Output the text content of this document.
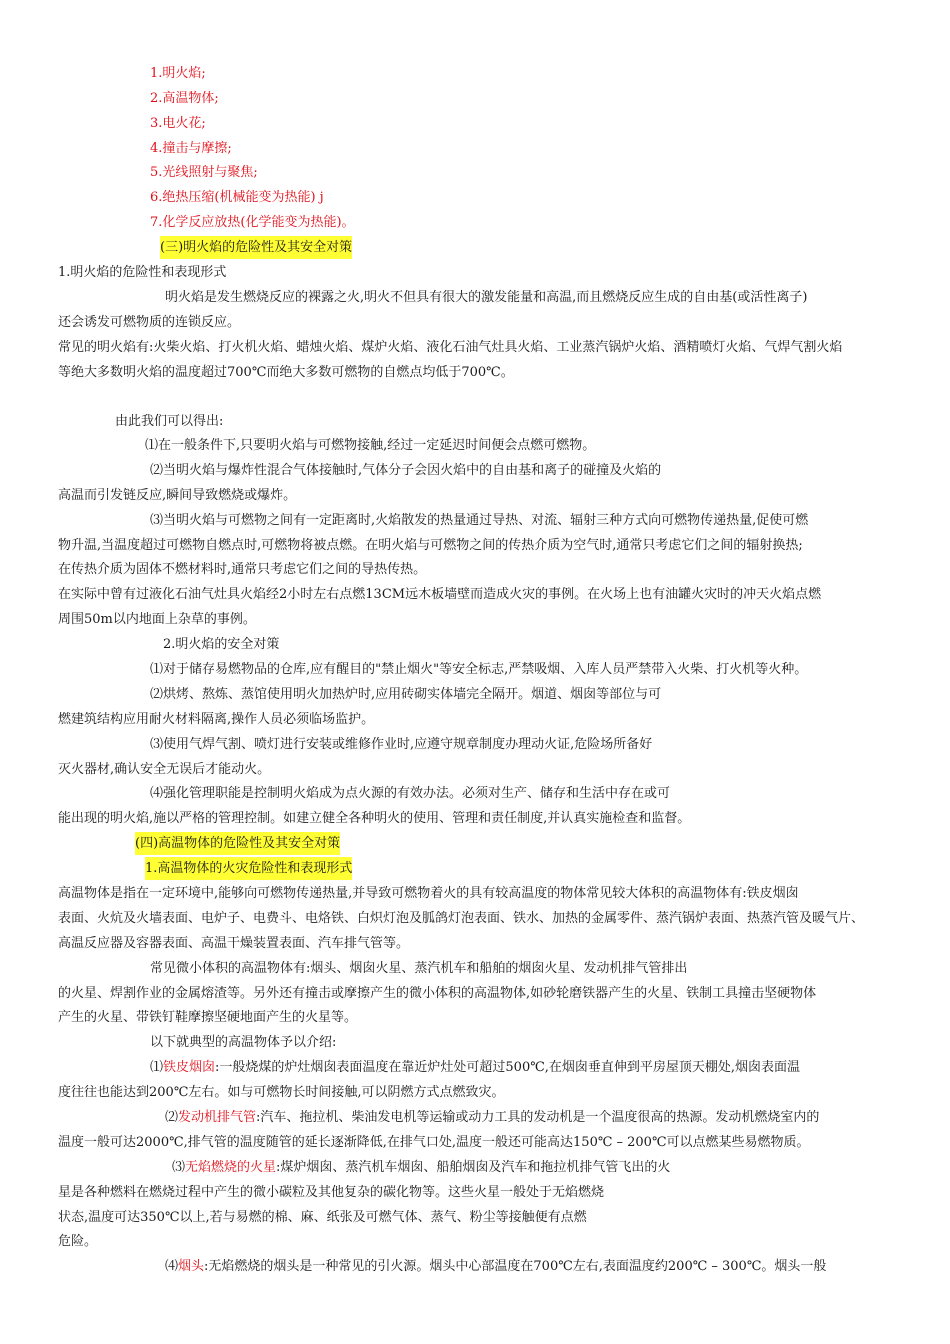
1.明火焰;
2.高温物体;
3.电火花;
4.撞击与摩擦;
5.光线照射与聚焦;
6.绝热压缩(机械能变为热能) j
7.化学反应放热(化学能变为热能)。
(三)明火焰的危险性及其安全对策
1.明火焰的危险性和表现形式
明火焰是发生燃烧反应的裸露之火,明火不但具有很大的激发能量和高温,而且燃烧反应生成的自由基(或活性离子)
还会诱发可燃物质的连锁反应。
常见的明火焰有:火柴火焰、打火机火焰、蜡烛火焰、煤炉火焰、液化石油气灶具火焰、工业蒸汽锅炉火焰、酒精喷灯火焰、气焊气割火焰
等绝大多数明火焰的温度超过700℃而绝大多数可燃物的自燃点均低于700℃。
由此我们可以得出:
⑴在一般条件下,只要明火焰与可燃物接触,经过一定延迟时间便会点燃可燃物。
⑵当明火焰与爆炸性混合气体接触时,气体分子会因火焰中的自由基和离子的碰撞及火焰的
高温而引发链反应,瞬间导致燃烧或爆炸。
⑶当明火焰与可燃物之间有一定距离时,火焰散发的热量通过导热、对流、辐射三种方式向可燃物传递热量,促使可燃
物升温,当温度超过可燃物自燃点时,可燃物将被点燃。在明火焰与可燃物之间的传热介质为空气时,通常只考虑它们之间的辐射换热;
在传热介质为固体不燃材料时,通常只考虑它们之间的导热传热。
在实际中曾有过液化石油气灶具火焰经2小时左右点燃13CM远木板墙壁而造成火灾的事例。在火场上也有油罐火灾时的冲天火焰点燃
周围50m以内地面上杂草的事例。
2.明火焰的安全对策
⑴对于储存易燃物品的仓库,应有醒目的"禁止烟火"等安全标志,严禁吸烟、入库人员严禁带入火柴、打火机等火种。
⑵烘烤、熬炼、蒸馆使用明火加热炉时,应用砖砌实体墙完全隔开。烟道、烟囱等部位与可
燃建筑结构应用耐火材料隔离,操作人员必须临场监护。
⑶使用气焊气割、喷灯进行安装或维修作业时,应遵守规章制度办理动火证,危险场所备好
灭火器材,确认安全无误后才能动火。
⑷强化管理职能是控制明火焰成为点火源的有效办法。必须对生产、储存和生活中存在或可
能出现的明火焰,施以严格的管理控制。如建立健全各种明火的使用、管理和责任制度,并认真实施检查和监督。
(四)高温物体的危险性及其安全对策
1.高温物体的火灾危险性和表现形式
高温物体是指在一定环境中,能够向可燃物传递热量,并导致可燃物着火的具有较高温度的物体常见较大体积的高温物体有:铁皮烟囱
表面、火炕及火墙表面、电炉子、电费斗、电烙铁、白炽灯泡及胍鸽灯泡表面、铁水、加热的金属零件、蒸汽锅炉表面、热蒸汽管及暖气片、
高温反应器及容器表面、高温干燥装置表面、汽车排气管等。
常见微小体积的高温物体有:烟头、烟囱火星、蒸汽机车和船舶的烟囱火星、发动机排气管排出
的火星、焊割作业的金属熔渣等。另外还有撞击或摩擦产生的微小体积的高温物体,如砂轮磨铁器产生的火星、铁制工具撞击坚硬物体
产生的火星、带铁钉鞋摩擦坚硬地面产生的火星等。
以下就典型的高温物体予以介绍:
⑴铁皮烟囱:一般烧煤的炉灶烟囱表面温度在靠近炉灶处可超过500℃,在烟囱垂直伸到平房屋顶天棚处,烟囱表面温
度往往也能达到200℃左右。如与可燃物长时间接触,可以阴燃方式点燃致灾。
⑵发动机排气管:汽车、拖拉机、柴油发电机等运输或动力工具的发动机是一个温度很高的热源。发动机燃烧室内的
温度一般可达2000℃,排气管的温度随管的延长逐渐降低,在排气口处,温度一般还可能高达150℃ – 200℃可以点燃某些易燃物质。
⑶无焰燃烧的火星:煤炉烟囱、蒸汽机车烟囱、船舶烟囱及汽车和拖拉机排气管飞出的火
星是各种燃料在燃烧过程中产生的微小碳粒及其他复杂的碳化物等。这些火星一般处于无焰燃烧
状态,温度可达350℃以上,若与易燃的棉、麻、纸张及可燃气体、蒸气、粉尘等接触便有点燃
危险。
⑷烟头:无焰燃烧的烟头是一种常见的引火源。烟头中心部温度在700℃左右,表面温度约200℃ – 300℃。烟头一般
